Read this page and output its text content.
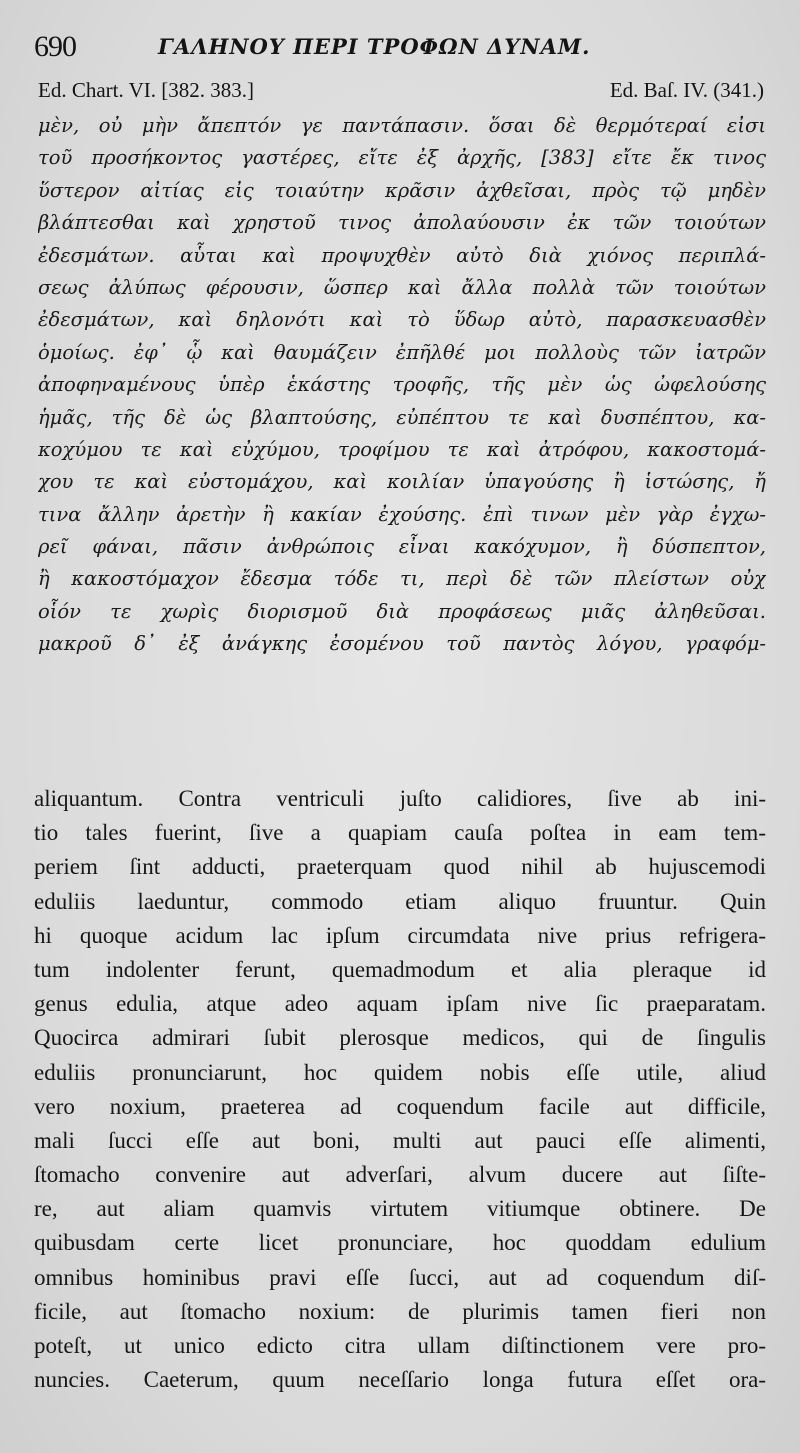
690	ΓΑΛΗΝΟΥ ΠΕΡΙ ΤΡΟΦΩΝ ΔΥΝΑΜ.
Ed. Chart. VI. [382. 383.]	Ed. Baſ. IV. (341.)
μὲν, οὐ μὴν ἄπεπτόν γε παντάπασιν. ὅσαι δὲ θερμότεραί εἰσι
τοῦ προσήκοντος γαστέρες, εἴτε ἐξ ἀρχῆς, [383] εἴτε ἔκ τινος
ὕστερον αἰτίας εἰς τοιαύτην κρᾶσιν ἀχθεῖσαι, πρὸς τῷ μηδὲν
βλάπτεσθαι καὶ χρηστοῦ τινος ἀπολαύουσιν ἐκ τῶν τοιούτων
ἐδεσμάτων. αὗται καὶ προψυχθὲν αὐτὸ διὰ χιόνος περιπλά-
σεως ἀλύπως φέρουσιν, ὥσπερ καὶ ἄλλα πολλὰ τῶν τοιούτων
ἐδεσμάτων, καὶ δηλονότι καὶ τὸ ὕδωρ αὐτὸ, παρασκευασθὲν
ὁμοίως. ἐφ᾽ ᾧ καὶ θαυμάζειν ἐπῆλθέ μοι πολλοὺς τῶν ἰατρῶν
ἀποφηναμένους ὑπὲρ ἑκάστης τροφῆς, τῆς μὲν ὡς ὠφελούσης
ἡμᾶς, τῆς δὲ ὡς βλαπτούσης, εὐπέπτου τε καὶ δυσπέπτου, κα-
κοχύμου τε καὶ εὐχύμου, τροφίμου τε καὶ ἀτρόφου, κακοστομά-
χου τε καὶ εὐστομάχου, καὶ κοιλίαν ὑπαγούσης ἢ ἱστώσης, ἤ
τινα ἄλλην ἀρετὴν ἢ κακίαν ἐχούσης. ἐπὶ τινων μὲν γὰρ ἐγχω-
ρεῖ φάναι, πᾶσιν ἀνθρώποις εἶναι κακόχυμον, ἢ δύσπεπτον,
ἢ κακοστόμαχον ἔδεσμα τόδε τι, περὶ δὲ τῶν πλείστων οὐχ
οἷόν τε χωρὶς διορισμοῦ διὰ προφάσεως μιᾶς ἀληθεῦσαι.
μακροῦ δ᾽ ἐξ ἀνάγκης ἐσομένου τοῦ παντὸς λόγου, γραφόμ-
aliquantum. Contra ventriculi juſto calidiores, ſive ab ini-
tio tales fuerint, ſive a quapiam cauſa poſtea in eam tem-
periem ſint adducti, praeterquam quod nihil ab hujuscemodi
eduliis laeduntur, commodo etiam aliquo fruuntur. Quin
hi quoque acidum lac ipſum circumdata nive prius refrigera-
tum indolenter ferunt, quemadmodum et alia pleraque id
genus edulia, atque adeo aquam ipſam nive ſic praeparatam.
Quocirca admirari ſubit plerosque medicos, qui de ſingulis
eduliis pronunciarunt, hoc quidem nobis eſſe utile, aliud
vero noxium, praeterea ad coquendum facile aut difficile,
mali ſucci eſſe aut boni, multi aut pauci eſſe alimenti,
ſtomacho convenire aut adverſari, alvum ducere aut ſiſte-
re, aut aliam quamvis virtutem vitiumque obtinere. De
quibusdam certe licet pronunciare, hoc quoddam edulium
omnibus hominibus pravi eſſe ſucci, aut ad coquendum diſ-
ficile, aut ſtomacho noxium: de plurimis tamen fieri non
poteſt, ut unico edicto citra ullam diſtinctionem vere pro-
nuncies. Caeterum, quum neceſſario longa futura eſſet ora-
